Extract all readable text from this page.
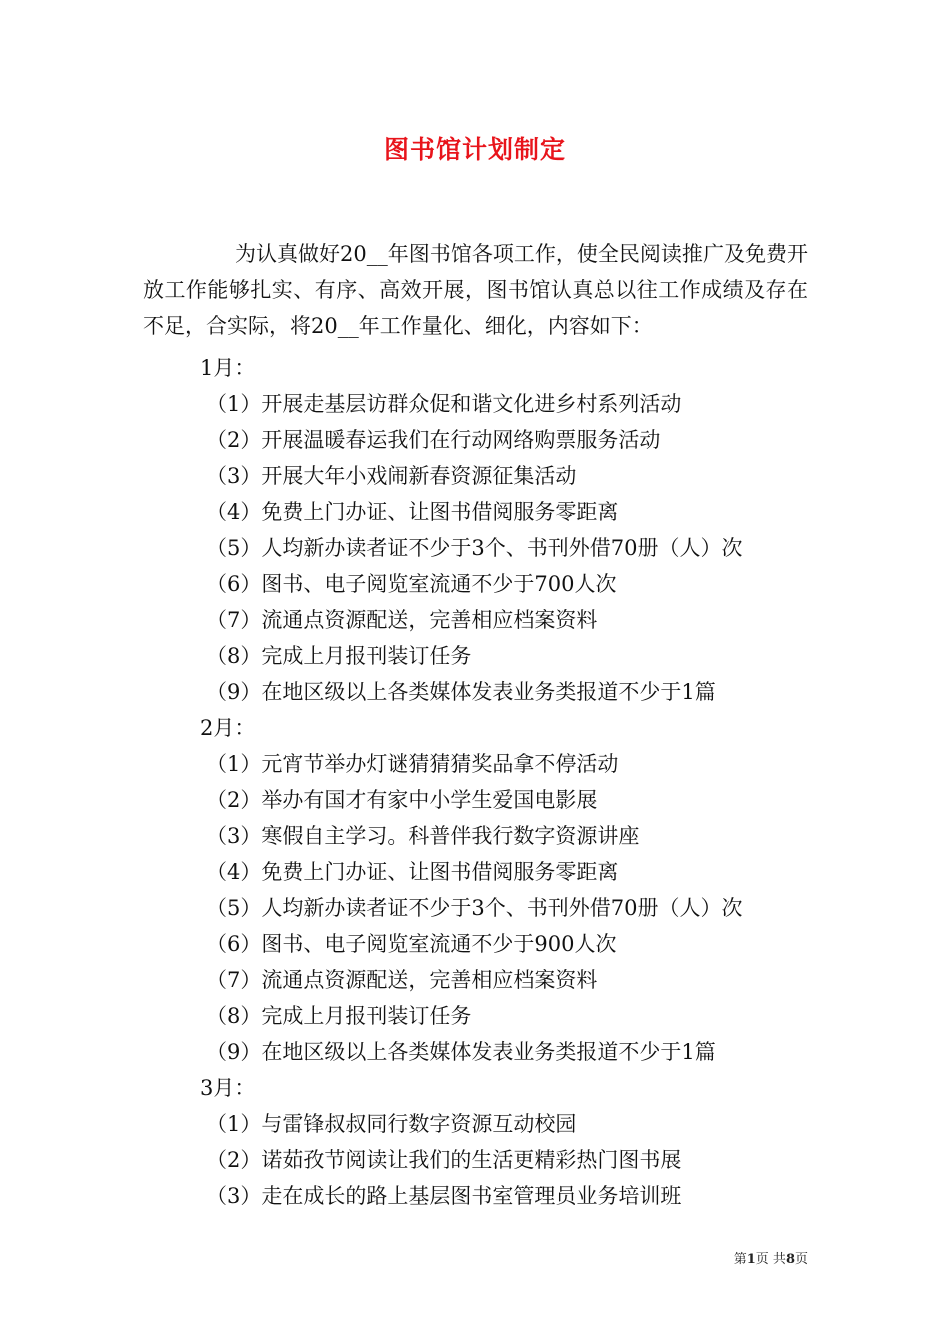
图书馆计划制定
为认真做好20__年图书馆各项工作，使全民阅读推广及免费开放工作能够扎实、有序、高效开展，图书馆认真总以往工作成绩及存在不足，合实际，将20__年工作量化、细化，内容如下：
1月：
（1）开展走基层访群众促和谐文化进乡村系列活动
（2）开展温暖春运我们在行动网络购票服务活动
（3）开展大年小戏闹新春资源征集活动
（4）免费上门办证、让图书借阅服务零距离
（5）人均新办读者证不少于3个、书刊外借70册（人）次
（6）图书、电子阅览室流通不少于700人次
（7）流通点资源配送，完善相应档案资料
（8）完成上月报刊装订任务
（9）在地区级以上各类媒体发表业务类报道不少于1篇
2月：
（1）元宵节举办灯谜猜猜猜奖品拿不停活动
（2）举办有国才有家中小学生爱国电影展
（3）寒假自主学习。科普伴我行数字资源讲座
（4）免费上门办证、让图书借阅服务零距离
（5）人均新办读者证不少于3个、书刊外借70册（人）次
（6）图书、电子阅览室流通不少于900人次
（7）流通点资源配送，完善相应档案资料
（8）完成上月报刊装订任务
（9）在地区级以上各类媒体发表业务类报道不少于1篇
3月：
（1）与雷锋叔叔同行数字资源互动校园
（2）诺茹孜节阅读让我们的生活更精彩热门图书展
（3）走在成长的路上基层图书室管理员业务培训班
第1页 共8页
